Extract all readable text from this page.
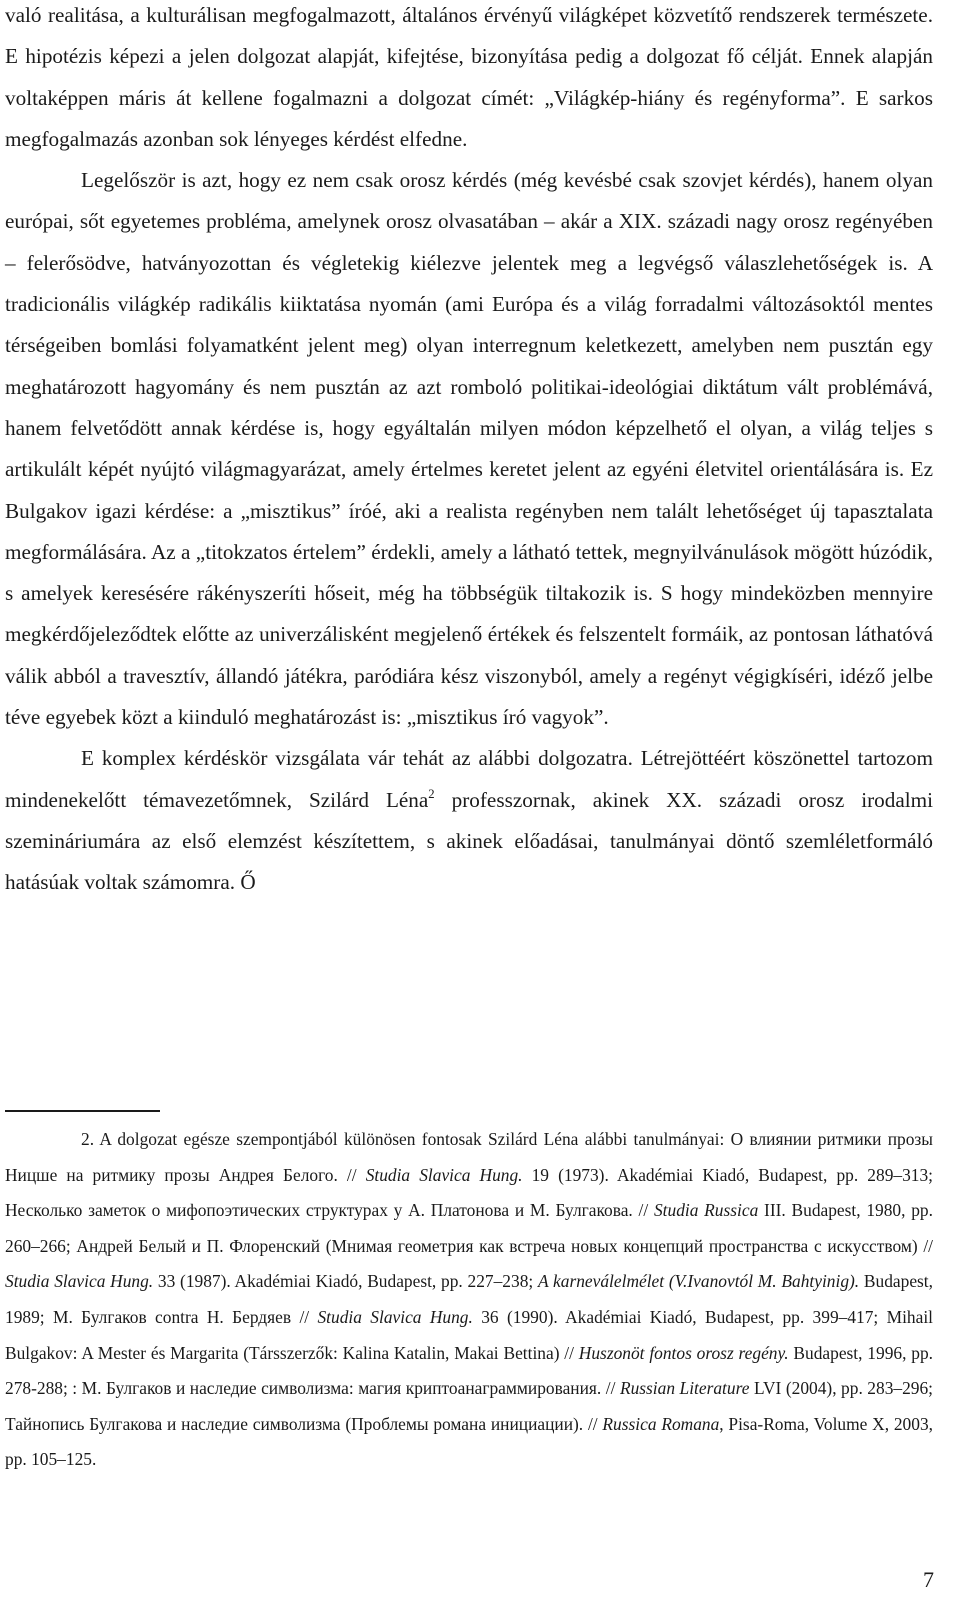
való realitása, a kulturálisan megfogalmazott, általános érvényű világképet közvetítő rendszerek természete. E hipotézis képezi a jelen dolgozat alapját, kifejtése, bizonyítása pedig a dolgozat fő célját. Ennek alapján voltaképpen máris át kellene fogalmazni a dolgozat címét: „Világkép-hiány és regényforma”. E sarkos megfogalmazás azonban sok lényeges kérdést elfedne.

Legelőször is azt, hogy ez nem csak orosz kérdés (még kevésbé csak szovjet kérdés), hanem olyan európai, sőt egyetemes probléma, amelynek orosz olvasatában – akár a XIX. századi nagy orosz regényében – felerősödve, hatványozottan és végletekig kiélezve jelentek meg a legvégső válaszlehetőségek is. A tradicionális világkép radikális kiiktatása nyomán (ami Európa és a világ forradalmi változásoktól mentes térségeiben bomlási folyamatként jelent meg) olyan interregnum keletkezett, amelyben nem pusztán egy meghatározott hagyomány és nem pusztán az azt romboló politikai-ideológiai diktátum vált problémává, hanem felvetődött annak kérdése is, hogy egyáltalán milyen módon képzelhető el olyan, a világ teljes s artikulált képét nyújtó világmagyarázat, amely értelmes keretet jelent az egyéni életvitel orientálására is. Ez Bulgakov igazi kérdése: a „misztikus” íróé, aki a realista regényben nem talált lehetőséget új tapasztalata megformálására. Az a „titokzatos értelem” érdekli, amely a látható tettek, megnyilvánulások mögött húzódik, s amelyek keresésére rákényszeríti hőseit, még ha többségük tiltakozik is. S hogy mindeközben mennyire megkérdőjeleződtek előtte az univerzálisként megjelenő értékek és felszentelt formáik, az pontosan láthatóvá válik abból a travesztív, állandó játékra, paródiára kész viszonyból, amely a regényt végigkíséri, idéző jelbe téve egyebek közt a kiinduló meghatározást is: „misztikus író vagyok”.

E komplex kérdéskör vizsgálata vár tehát az alábbi dolgozatra. Létrejöttéért köszönettel tartozom mindenekelőtt témavezetőmnek, Szilárd Léna$^2$ professzornak, akinek XX. századi orosz irodalmi szemináriumára az első elemzést készítettem, s akinek előadásai, tanulmányai döntő szemléletformáló hatásúak voltak számomra. Ő

2. A dolgozat egésze szempontjából különösen fontosak Szilárd Léna alábbi tanulmányai: О влиянии ритмики прозы Ницше на ритмику прозы Андрея Белого. // Studia Slavica Hung. 19 (1973). Akadémiai Kiadó, Budapest, pp. 289–313; Несколько заметок о мифопоэтических структурах у А. Платонова и М. Булгакова. // Studia Russica III. Budapest, 1980, pp. 260–266; Андрей Белый и П. Флоренский (Мнимая геометрия как встреча новых концепций пространства с искусством) // Studia Slavica Hung. 33 (1987). Akadémiai Kiadó, Budapest, pp. 227–238; A karneválelmélet (V.Ivanovtól M. Bahtyinig). Budapest, 1989; М. Булгаков contra Н. Бердяев // Studia Slavica Hung. 36 (1990). Akadémiai Kiadó, Budapest, pp. 399–417; Mihail Bulgakov: A Mester és Margarita (Társszerzők: Kalina Katalin, Makai Bettina) // Huszonöt fontos orosz regény. Budapest, 1996, pp. 278-288; : М. Булгаков и наследие символизма: магия криптоанаграммирования. // Russian Literature LVI (2004), pp. 283–296; Тайнопись Булгакова и наследие символизма (Проблемы романа инициации). // Russica Romana, Pisa-Roma, Volume X, 2003, pp. 105–125.

7
